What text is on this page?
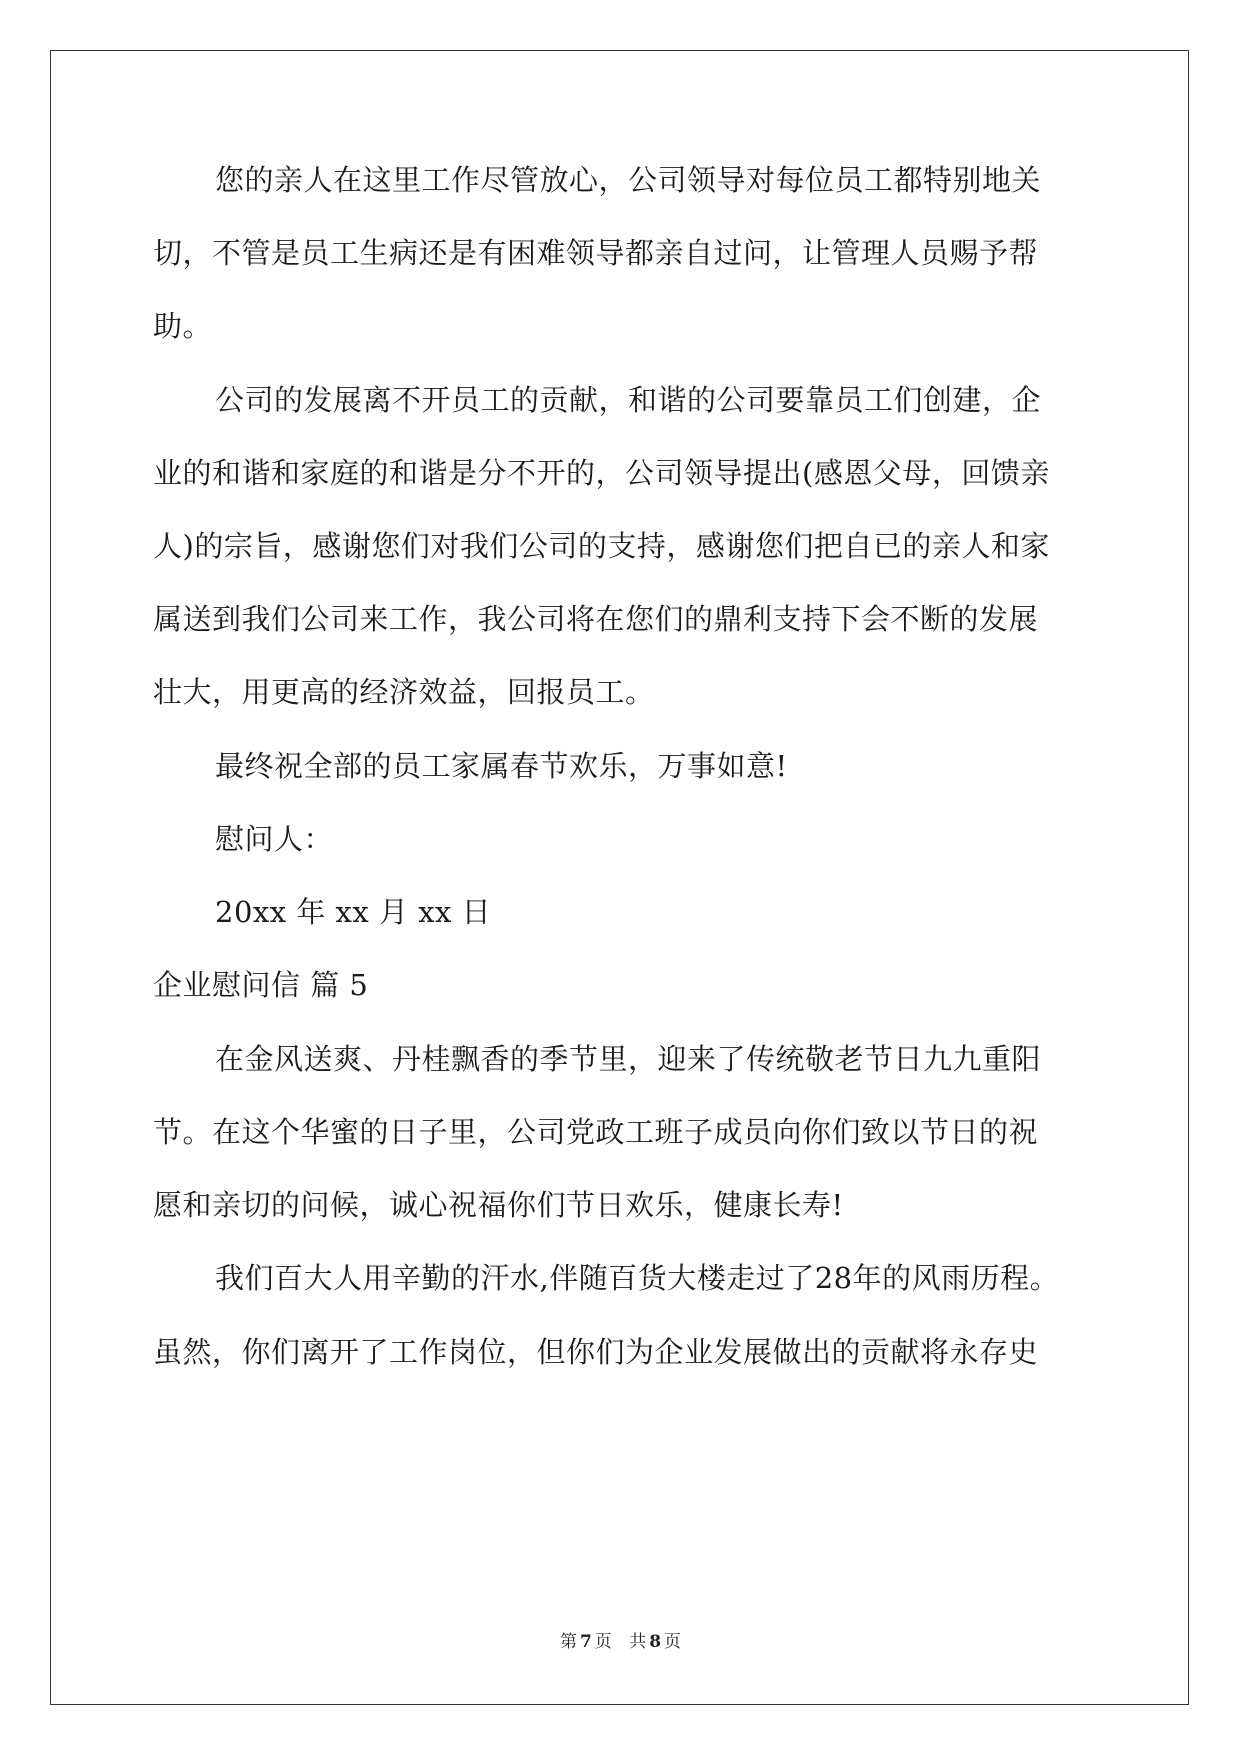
您的亲人在这里工作尽管放心，公司领导对每位员工都特别地关
切，不管是员工生病还是有困难领导都亲自过问，让管理人员赐予帮
助。
公司的发展离不开员工的贡献，和谐的公司要靠员工们创建，企
业的和谐和家庭的和谐是分不开的，公司领导提出(感恩父母，回馈亲
人)的宗旨，感谢您们对我们公司的支持，感谢您们把自已的亲人和家
属送到我们公司来工作，我公司将在您们的鼎利支持下会不断的发展
壮大，用更高的经济效益，回报员工。
最终祝全部的员工家属春节欢乐，万事如意!
慰问人：
20xx 年 xx 月 xx 日
企业慰问信 篇 5
在金风送爽、丹桂飘香的季节里，迎来了传统敬老节日九九重阳
节。在这个华蜜的日子里，公司党政工班子成员向你们致以节日的祝
愿和亲切的问候，诚心祝福你们节日欢乐，健康长寿!
我们百大人用辛勤的汗水,伴随百货大楼走过了28年的风雨历程。
虽然，你们离开了工作岗位，但你们为企业发展做出的贡献将永存史
第 7 页 共 8 页
